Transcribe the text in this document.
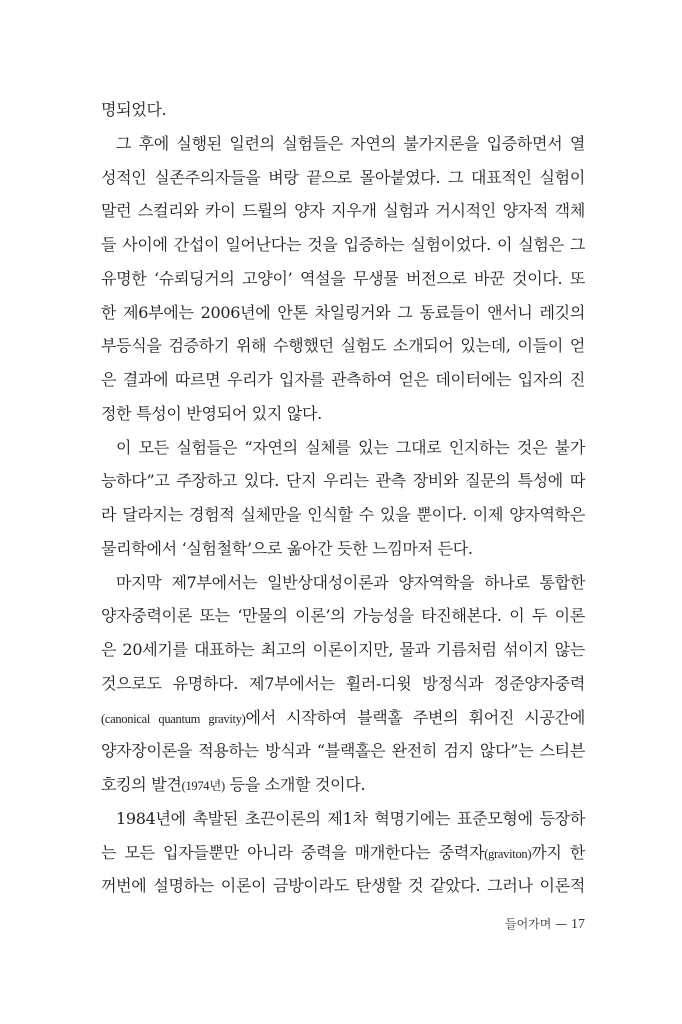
명되었다.
그 후에 실행된 일련의 실험들은 자연의 불가지론을 입증하면서 열
성적인 실존주의자들을 벼랑 끝으로 몰아붙였다. 그 대표적인 실험이
말런 스컬리와 카이 드륄의 양자 지우개 실험과 거시적인 양자적 객체
들 사이에 간섭이 일어난다는 것을 입증하는 실험이었다. 이 실험은 그
유명한 ‘슈뢰딩거의 고양이’ 역설을 무생물 버전으로 바꾼 것이다. 또
한 제6부에는 2006년에 안톤 차일링거와 그 동료들이 앤서니 레깃의
부등식을 검증하기 위해 수행했던 실험도 소개되어 있는데, 이들이 얻
은 결과에 따르면 우리가 입자를 관측하여 얻은 데이터에는 입자의 진
정한 특성이 반영되어 있지 않다.
이 모든 실험들은 “자연의 실체를 있는 그대로 인지하는 것은 불가
능하다”고 주장하고 있다. 단지 우리는 관측 장비와 질문의 특성에 따
라 달라지는 경험적 실체만을 인식할 수 있을 뿐이다. 이제 양자역학은
물리학에서 ‘실험철학’으로 옮아간 듯한 느낌마저 든다.
마지막 제7부에서는 일반상대성이론과 양자역학을 하나로 통합한
양자중력이론 또는 ‘만물의 이론’의 가능성을 타진해본다. 이 두 이론
은 20세기를 대표하는 최고의 이론이지만, 물과 기름처럼 섞이지 않는
것으로도 유명하다. 제7부에서는 휠러-디윗 방정식과 정준양자중력
(canonical quantum gravity)에서 시작하여 블랙홀 주변의 휘어진 시공간에
양자장이론을 적용하는 방식과 “블랙홀은 완전히 검지 않다”는 스티븐
호킹의 발견(1974년) 등을 소개할 것이다.
1984년에 촉발된 초끈이론의 제1차 혁명기에는 표준모형에 등장하
는 모든 입자들뿐만 아니라 중력을 매개한다는 중력자(graviton)까지 한
꺼번에 설명하는 이론이 금방이라도 탄생할 것 같았다. 그러나 이론적
들어가며 — 17
